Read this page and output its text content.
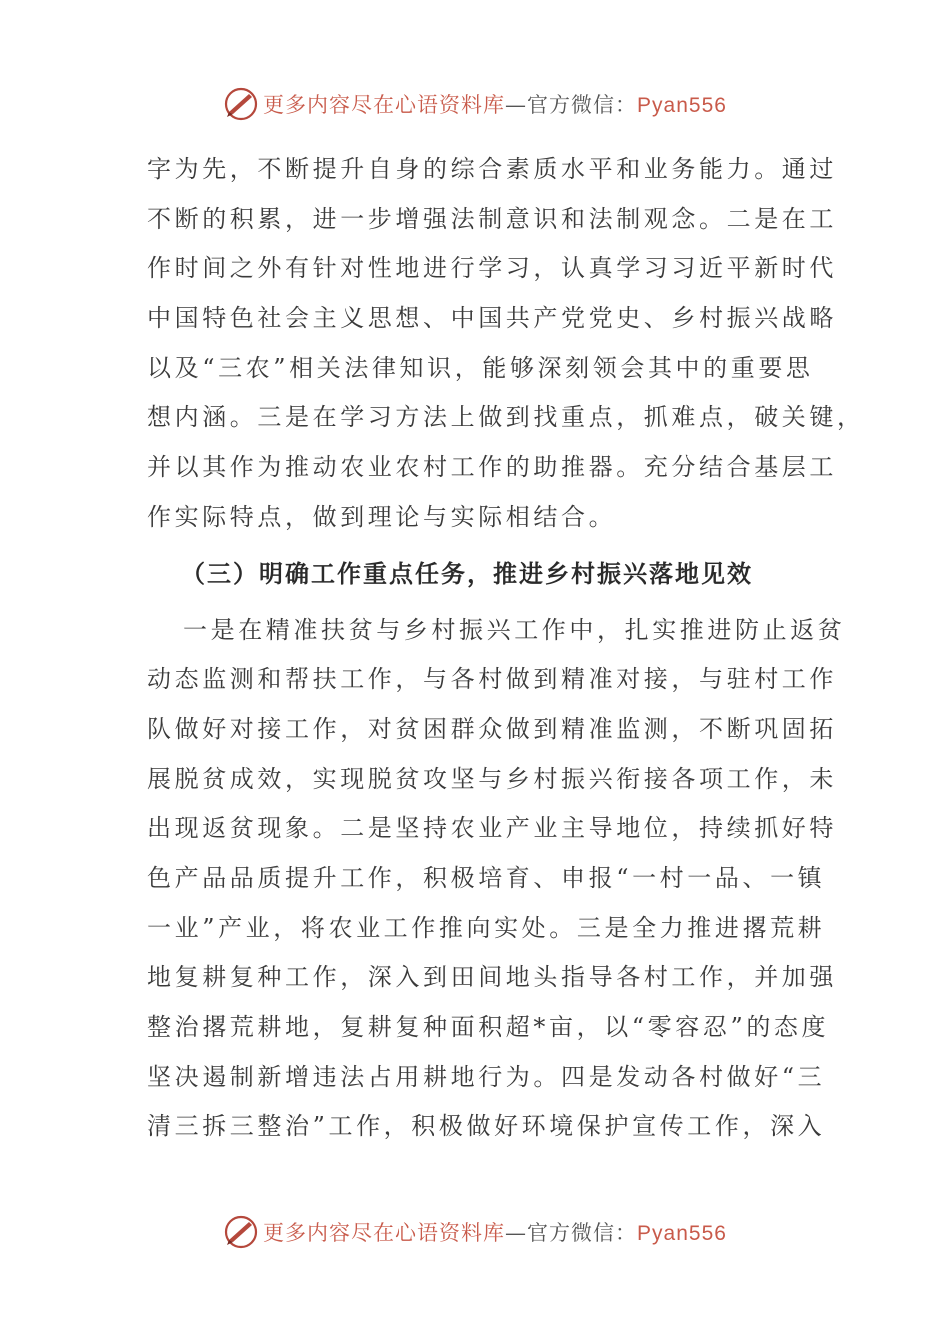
更多内容尽在心语资料库—官方微信：Pyan556
字为先，不断提升自身的综合素质水平和业务能力。通过
不断的积累，进一步增强法制意识和法制观念。二是在工
作时间之外有针对性地进行学习，认真学习习近平新时代
中国特色社会主义思想、中国共产党党史、乡村振兴战略
以及“三农”相关法律知识，能够深刻领会其中的重要思
想内涵。三是在学习方法上做到找重点，抓难点，破关键，
并以其作为推动农业农村工作的助推器。充分结合基层工
作实际特点，做到理论与实际相结合。
（三）明确工作重点任务，推进乡村振兴落地见效
一是在精准扶贫与乡村振兴工作中，扎实推进防止返贫
动态监测和帮扶工作，与各村做到精准对接，与驻村工作
队做好对接工作，对贫困群众做到精准监测，不断巩固拓
展脱贫成效，实现脱贫攻坚与乡村振兴衔接各项工作，未
出现返贫现象。二是坚持农业产业主导地位，持续抓好特
色产品品质提升工作，积极培育、申报“一村一品、一镇
一业”产业，将农业工作推向实处。三是全力推进撂荒耕
地复耕复种工作，深入到田间地头指导各村工作，并加强
整治撂荒耕地，复耕复种面积超*亩，以“零容忍”的态度
坚决遏制新增违法占用耕地行为。四是发动各村做好“三
清三拆三整治”工作，积极做好环境保护宣传工作，深入
更多内容尽在心语资料库—官方微信：Pyan556
